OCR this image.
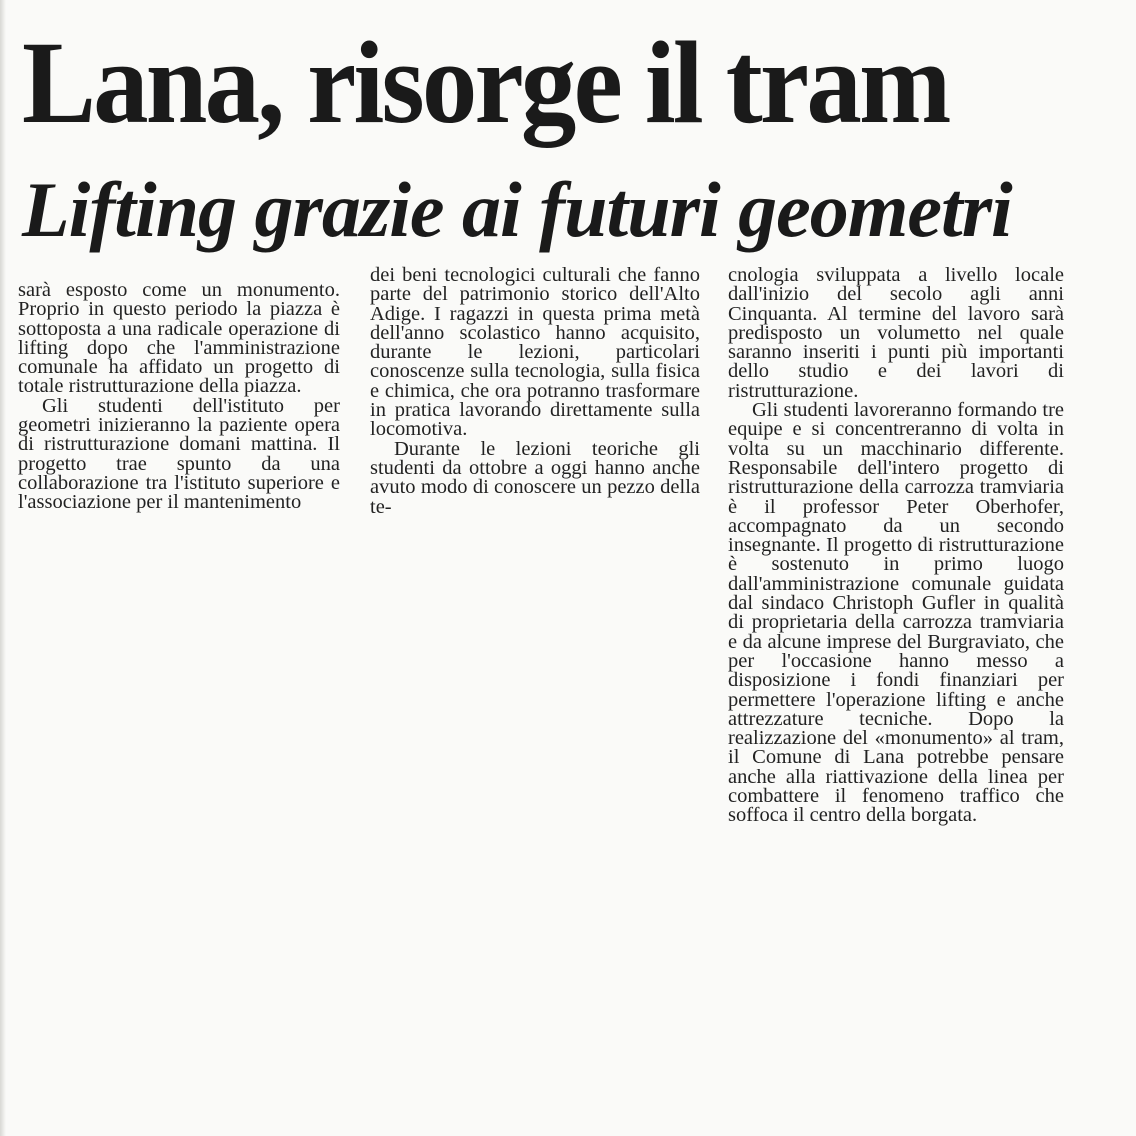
Lana, risorge il tram
Lifting grazie ai futuri geometri

sarà esposto come un monumento. Proprio in questo periodo la piazza è sottoposta a una radicale operazione di lifting dopo che l'amministrazione comunale ha affidato un progetto di totale ristrutturazione della piazza.

Gli studenti dell'istituto per geometri inizieranno la paziente opera di ristrutturazione domani mattina. Il progetto trae spunto da una collaborazione tra l'istituto superiore e l'associazione per il mantenimento

dei beni tecnologici culturali che fanno parte del patrimonio storico dell'Alto Adige. I ragazzi in questa prima metà dell'anno scolastico hanno acquisito, durante le lezioni, particolari conoscenze sulla tecnologia, sulla fisica e chimica, che ora potranno trasformare in pratica lavorando direttamente sulla locomotiva.

Durante le lezioni teoriche gli studenti da ottobre a oggi hanno anche avuto modo di conoscere un pezzo della te-

cnologia sviluppata a livello locale dall'inizio del secolo agli anni Cinquanta. Al termine del lavoro sarà predisposto un volumetto nel quale saranno inseriti i punti più importanti dello studio e dei lavori di ristrutturazione.

Gli studenti lavoreranno formando tre equipe e si concentreranno di volta in volta su un macchinario differente. Responsabile dell'intero progetto di ristrutturazione della carrozza tramviaria è il professor Peter Oberhofer, accompagnato da un secondo insegnante. Il progetto di ristrutturazione è sostenuto in primo luogo dall'amministrazione comunale guidata dal sindaco Christoph Gufler in qualità di proprietaria della carrozza tramviaria e da alcune imprese del Burgraviato, che per l'occasione hanno messo a disposizione i fondi finanziari per permettere l'operazione lifting e anche attrezzature tecniche. Dopo la realizzazione del «monumento» al tram, il Comune di Lana potrebbe pensare anche alla riattivazione della linea per combattere il fenomeno traffico che soffoca il centro della borgata.
